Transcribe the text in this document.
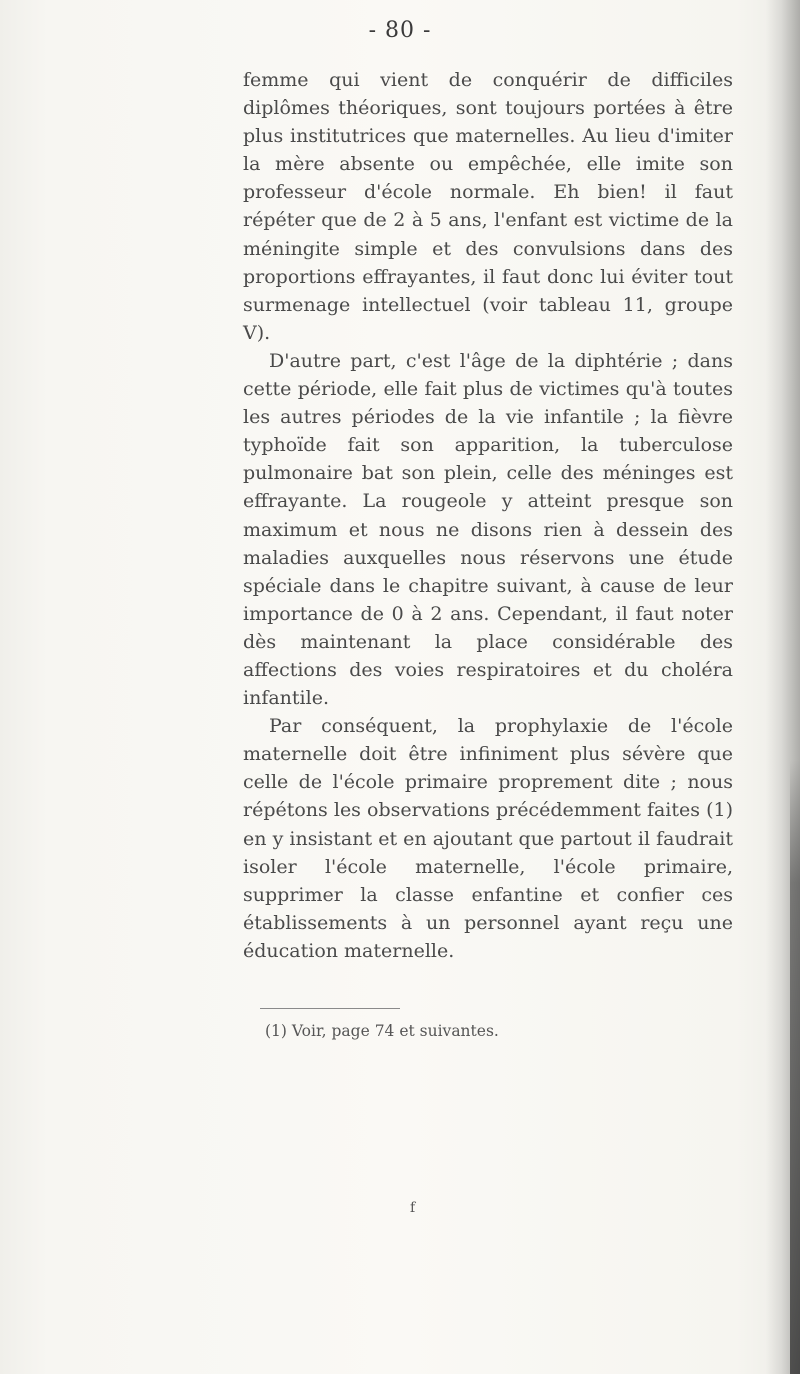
- 80 -

femme qui vient de conquérir de difficiles diplômes théoriques, sont toujours portées à être plus institutrices que maternelles. Au lieu d'imiter la mère absente ou empêchée, elle imite son professeur d'école normale. Eh bien! il faut répéter que de 2 à 5 ans, l'enfant est victime de la méningite simple et des convulsions dans des proportions effrayantes, il faut donc lui éviter tout surmenage intellectuel (voir tableau 11, groupe V).

D'autre part, c'est l'âge de la diphtérie ; dans cette période, elle fait plus de victimes qu'à toutes les autres périodes de la vie infantile ; la fièvre typhoïde fait son apparition, la tuberculose pulmonaire bat son plein, celle des méninges est effrayante. La rougeole y atteint presque son maximum et nous ne disons rien à dessein des maladies auxquelles nous réservons une étude spéciale dans le chapitre suivant, à cause de leur importance de 0 à 2 ans. Cependant, il faut noter dès maintenant la place considérable des affections des voies respiratoires et du choléra infantile.

Par conséquent, la prophylaxie de l'école maternelle doit être infiniment plus sévère que celle de l'école primaire proprement dite ; nous répétons les observations précédemment faites (1) en y insistant et en ajoutant que partout il faudrait isoler l'école maternelle, l'école primaire, supprimer la classe enfantine et confier ces établissements à un personnel ayant reçu une éducation maternelle.

(1) Voir, page 74 et suivantes.
f
